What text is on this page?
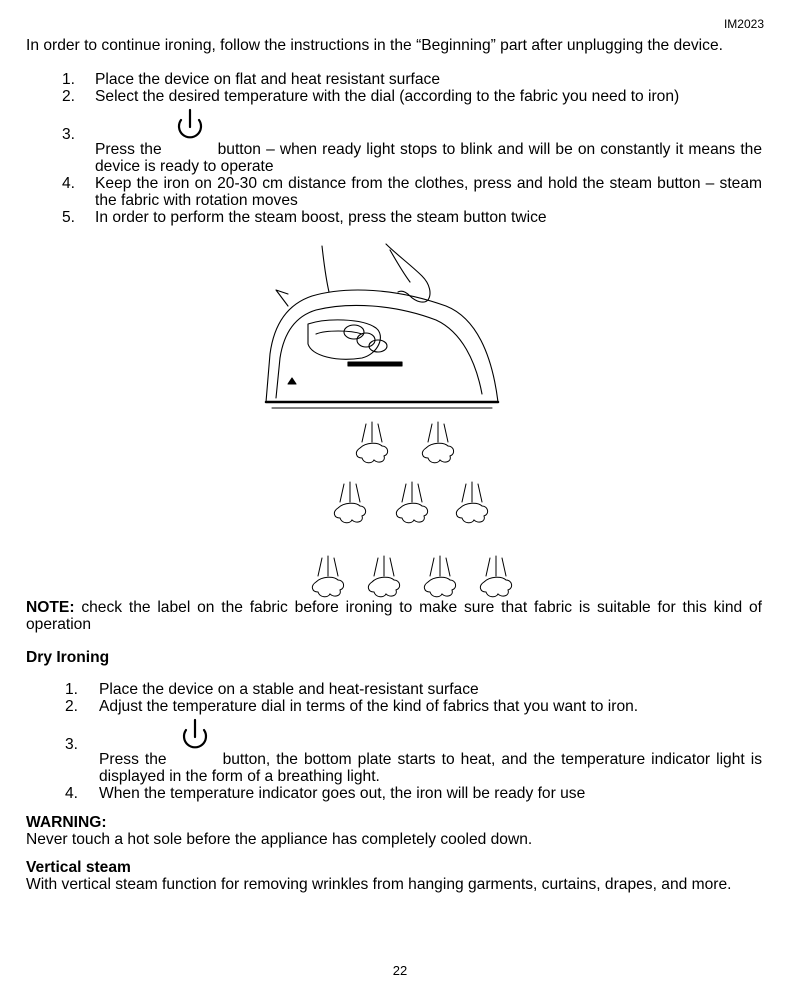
IM2023

In order to continue ironing, follow the instructions in the “Beginning” part after unplugging the device.

1. Place the device on flat and heat resistant surface
2. Select the desired temperature with the dial (according to the fabric you need to iron)
3.
Press the	button – when ready light stops to blink and will be on constantly it means the device is ready to operate
4. Keep the iron on 20-30 cm distance from the clothes, press and hold the steam button – steam the fabric with rotation moves
5. In order to perform the steam boost, press the steam button twice

NOTE: check the label on the fabric before ironing to make sure that fabric is suitable for this kind of operation

Dry Ironing
1. Place the device on a stable and heat-resistant surface
2. Adjust the temperature dial in terms of the kind of fabrics that you want to iron.
3.
Press the	button, the bottom plate starts to heat, and the temperature indicator light is displayed in the form of a breathing light.
4. When the temperature indicator goes out, the iron will be ready for use
WARNING:

Never touch a hot sole before the appliance has completely cooled down.

Vertical steam

With vertical steam function for removing wrinkles from hanging garments, curtains, drapes, and more.

22
